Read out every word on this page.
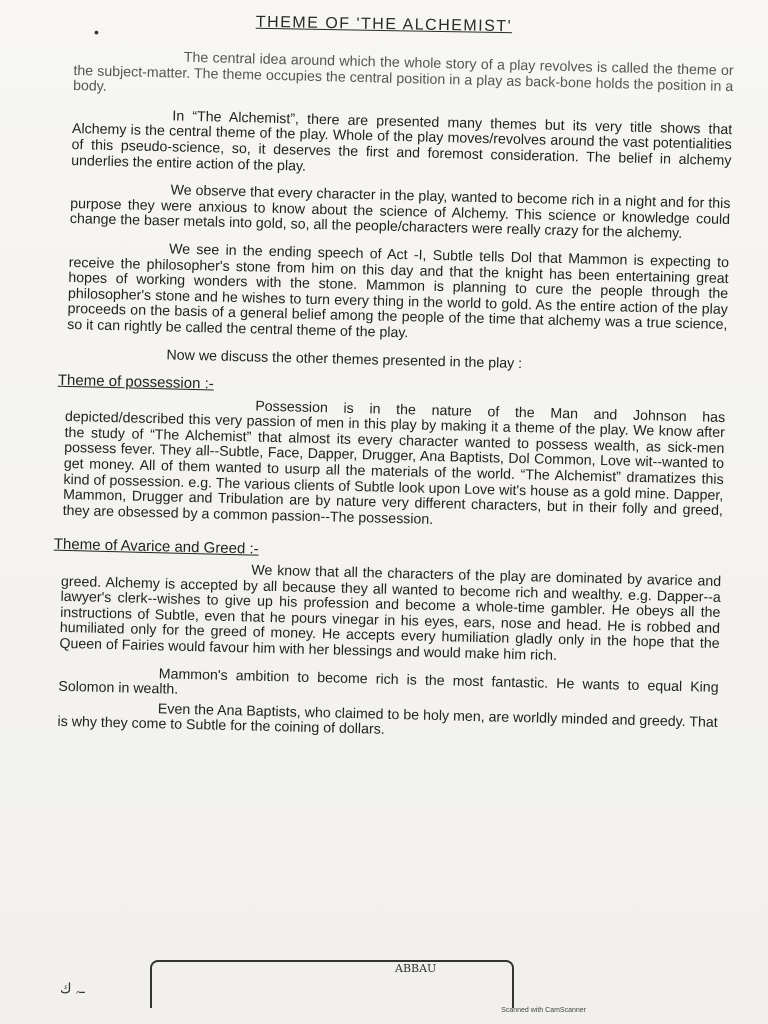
•	THEME OF 'THE ALCHEMIST'

The central idea around which the whole story of a play revolves is called the theme or the subject-matter. The theme occupies the central position in a play as back-bone holds the position in a body.

In “The Alchemist”, there are presented many themes but its very title shows that Alchemy is the central theme of the play. Whole of the play moves/revolves around the vast potentialities of this pseudo-science, so, it deserves the first and foremost consideration. The belief in alchemy underlies the entire action of the play.

We observe that every character in the play, wanted to become rich in a night and for this purpose they were anxious to know about the science of Alchemy. This science or knowledge could change the baser metals into gold, so, all the people/characters were really crazy for the alchemy.

We see in the ending speech of Act -I, Subtle tells Dol that Mammon is expecting to receive the philosopher's stone from him on this day and that the knight has been entertaining great hopes of working wonders with the stone. Mammon is planning to cure the people through the philosopher's stone and he wishes to turn every thing in the world to gold. As the entire action of the play proceeds on the basis of a general belief among the people of the time that alchemy was a true science, so it can rightly be called the central theme of the play.

Now we discuss the other themes presented in the play :

Theme of possession :-

Possession is in the nature of the Man and Johnson has depicted/described this very passion of men in this play by making it a theme of the play. We know after the study of “The Alchemist” that almost its every character wanted to possess wealth, as sick-men possess fever. They all--Subtle, Face, Dapper, Drugger, Ana Baptists, Dol Common, Love wit--wanted to get money. All of them wanted to usurp all the materials of the world. “The Alchemist” dramatizes this kind of possession. e.g. The various clients of Subtle look upon Love wit's house as a gold mine. Dapper, Mammon, Drugger and Tribulation are by nature very different characters, but in their folly and greed, they are obsessed by a common passion--The possession.

Theme of Avarice and Greed :-

We know that all the characters of the play are dominated by avarice and greed. Alchemy is accepted by all because they all wanted to become rich and wealthy. e.g. Dapper--a lawyer's clerk--wishes to give up his profession and become a whole-time gambler. He obeys all the instructions of Subtle, even that he pours vinegar in his eyes, ears, nose and head. He is robbed and humiliated only for the greed of money. He accepts every humiliation gladly only in the hope that the Queen of Fairies would favour him with her blessings and would make him rich.

Mammon's ambition to become rich is the most fantastic. He wants to equal King Solomon in wealth.

Even the Ana Baptists, who claimed to be holy men, are worldly minded and greedy. That is why they come to Subtle for the coining of dollars.

ABBAU
ـﮧ ﻙ
Scanned with CamScanner
